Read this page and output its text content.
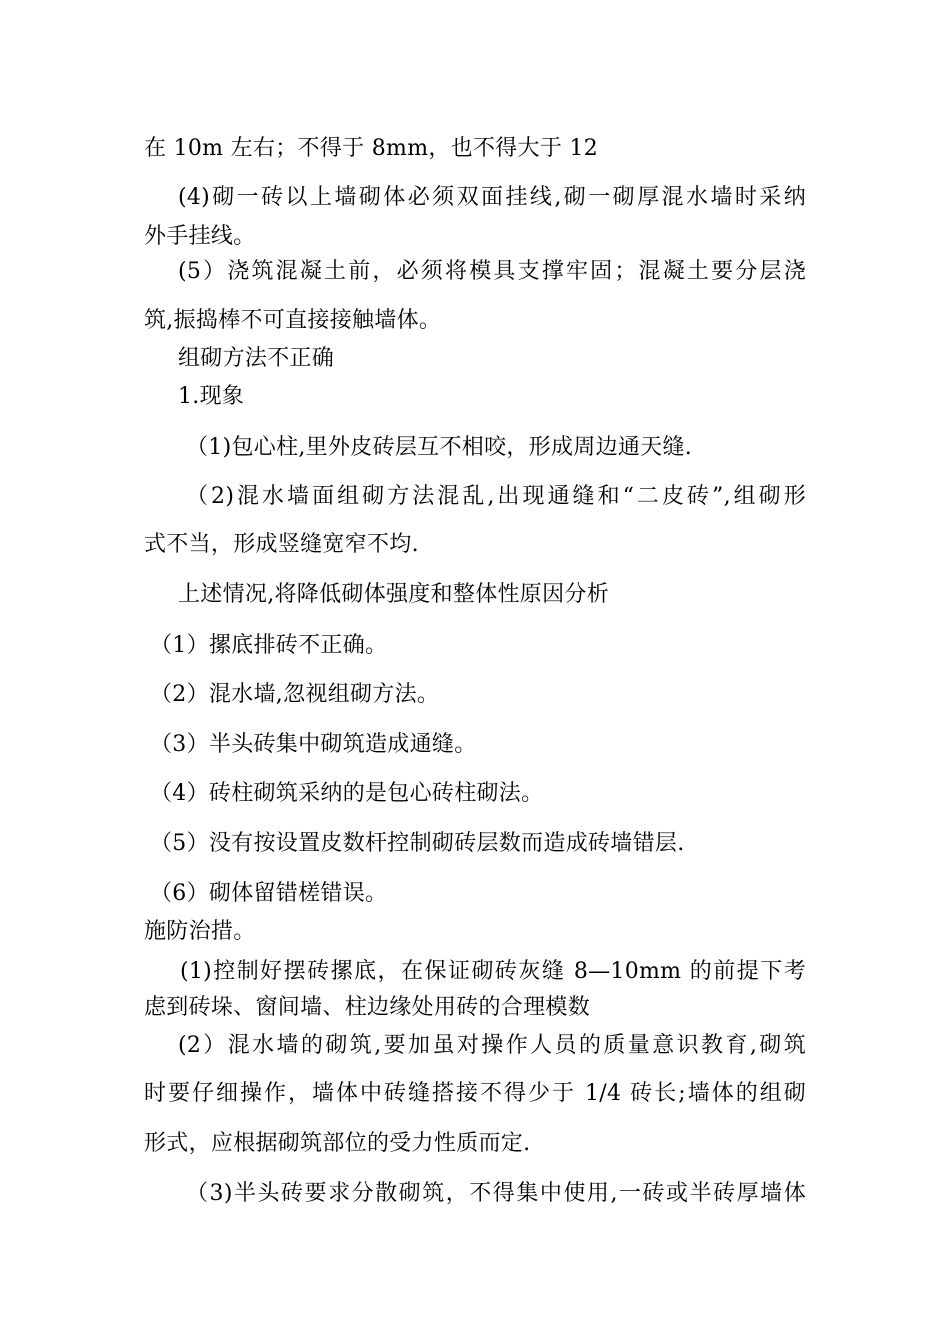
在 10m 左右；不得于 8mm，也不得大于 12
(4)砌一砖以上墙砌体必须双面挂线,砌一砌厚混水墙时采纳
外手挂线。
(5）浇筑混凝土前，必须将模具支撑牢固；混凝土要分层浇
筑,振捣棒不可直接接触墙体。
组砌方法不正确
1.现象
（1)包心柱,里外皮砖层互不相咬，形成周边通天缝.
（2)混水墙面组砌方法混乱,出现通缝和“二皮砖”,组砌形
式不当，形成竖缝宽窄不均.
上述情况,将降低砌体强度和整体性原因分析
（1）摞底排砖不正确。
（2）混水墙,忽视组砌方法。
（3）半头砖集中砌筑造成通缝。
（4）砖柱砌筑采纳的是包心砖柱砌法。
（5）没有按设置皮数杆控制砌砖层数而造成砖墙错层.
（6）砌体留错槎错误。
施防治措。
(1)控制好摆砖摞底，在保证砌砖灰缝 8—10mm 的前提下考
虑到砖垛、窗间墙、柱边缘处用砖的合理模数
(2）混水墙的砌筑,要加虽对操作人员的质量意识教育,砌筑
时要仔细操作，墙体中砖缝搭接不得少于 1/4 砖长;墙体的组砌
形式，应根据砌筑部位的受力性质而定.
（3)半头砖要求分散砌筑，不得集中使用,一砖或半砖厚墙体
